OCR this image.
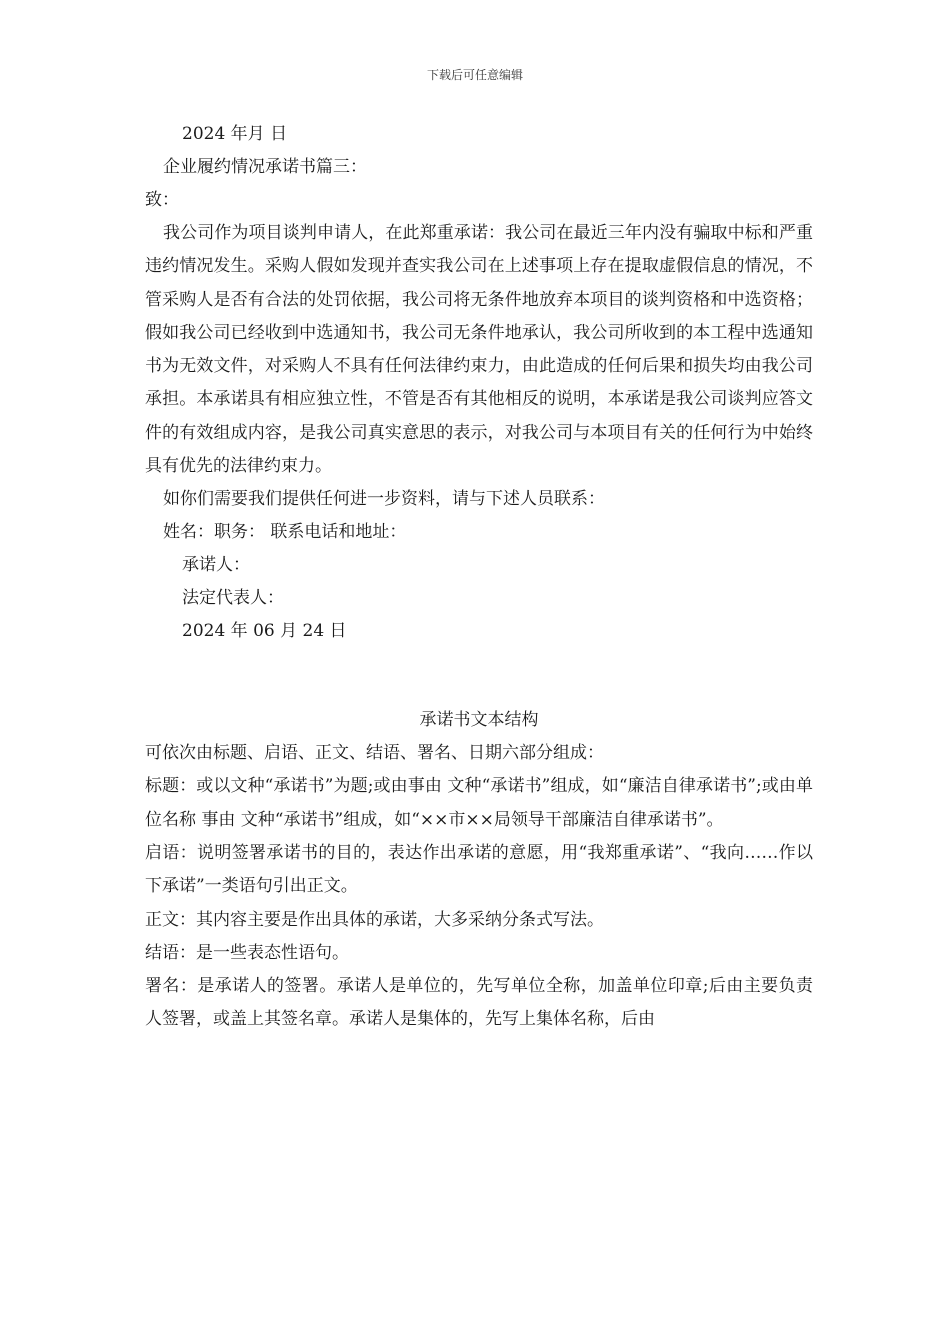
下载后可任意编辑
2024 年月 日
企业履约情况承诺书篇三：
致：
我公司作为项目谈判申请人，在此郑重承诺：我公司在最近三年内没有骗取中标和严重违约情况发生。采购人假如发现并查实我公司在上述事项上存在提取虚假信息的情况，不管采购人是否有合法的处罚依据，我公司将无条件地放弃本项目的谈判资格和中选资格；假如我公司已经收到中选通知书，我公司无条件地承认，我公司所收到的本工程中选通知书为无效文件，对采购人不具有任何法律约束力，由此造成的任何后果和损失均由我公司承担。本承诺具有相应独立性，不管是否有其他相反的说明，本承诺是我公司谈判应答文件的有效组成内容，是我公司真实意思的表示，对我公司与本项目有关的任何行为中始终具有优先的法律约束力。
如你们需要我们提供任何进一步资料，请与下述人员联系：
姓名：职务： 联系电话和地址：
承诺人：
法定代表人：
2024 年 06 月 24 日
承诺书文本结构
可依次由标题、启语、正文、结语、署名、日期六部分组成：
标题：或以文种“承诺书”为题;或由事由 文种“承诺书”组成，如“廉洁自律承诺书”;或由单位名称 事由 文种“承诺书”组成，如“××市××局领导干部廉洁自律承诺书”。
启语：说明签署承诺书的目的，表达作出承诺的意愿，用“我郑重承诺”、“我向……作以下承诺”一类语句引出正文。
正文：其内容主要是作出具体的承诺，大多采纳分条式写法。
结语：是一些表态性语句。
署名：是承诺人的签署。承诺人是单位的，先写单位全称，加盖单位印章;后由主要负责人签署，或盖上其签名章。承诺人是集体的，先写上集体名称，后由
